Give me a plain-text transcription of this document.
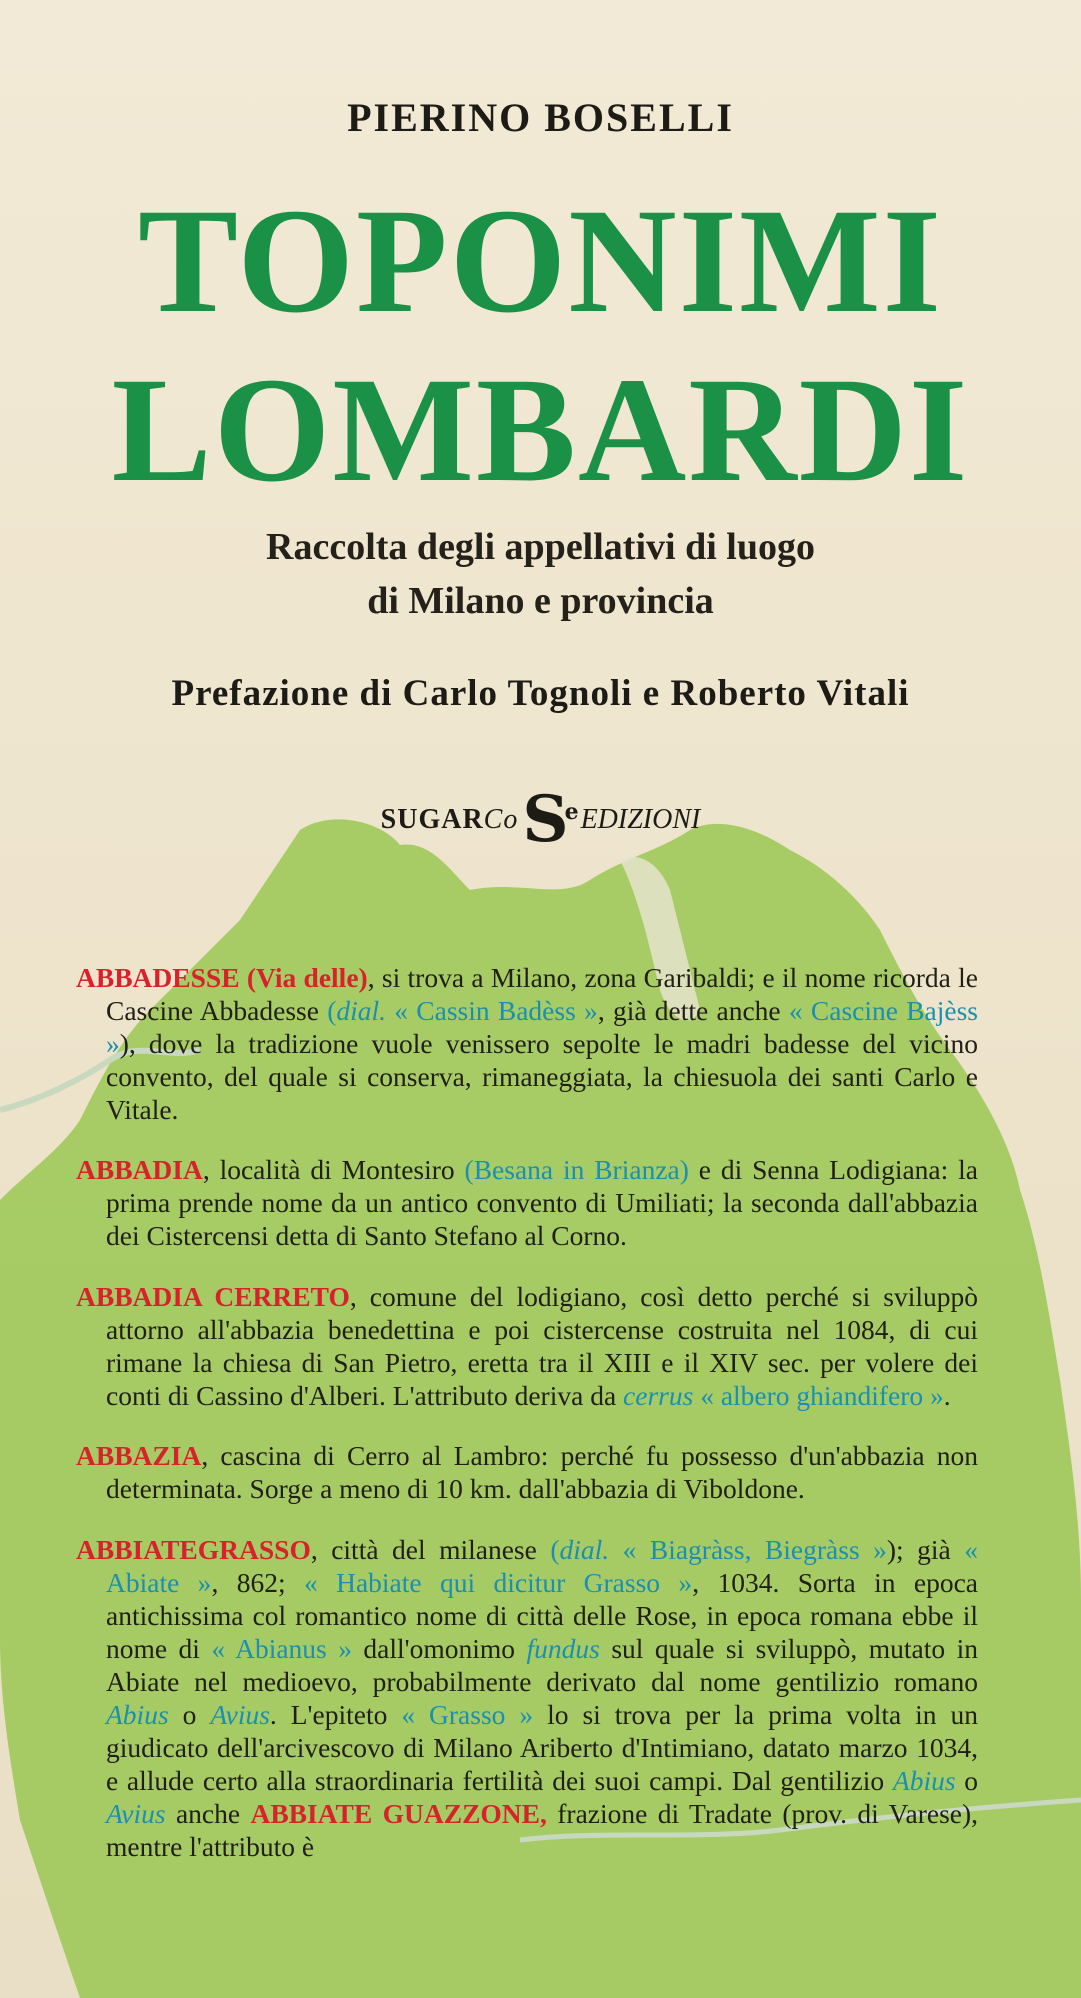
PIERINO BOSELLI
TOPONIMI
LOMBARDI
Raccolta degli appellativi di luogo
di Milano e provincia
Prefazione di Carlo Tognoli e Roberto Vitali
SUGARCo S
e EDIZIONI

ABBADESSE (Via delle), si trova a Milano, zona Garibaldi; e il nome ricorda le Cascine Abbadesse (dial. « Cassin Badèss », già dette anche « Cascine Bajèss »), dove la tradizione vuole venissero sepolte le madri badesse del vicino convento, del quale si conserva, rimaneggiata, la chiesuola dei santi Carlo e Vitale.

ABBADIA, località di Montesiro (Besana in Brianza) e di Senna Lodigiana: la prima prende nome da un antico convento di Umiliati; la seconda dall'abbazia dei Cistercensi detta di Santo Stefano al Corno.

ABBADIA CERRETO, comune del lodigiano, così detto perché si sviluppò attorno all'abbazia benedettina e poi cistercense costruita nel 1084, di cui rimane la chiesa di San Pietro, eretta tra il XIII e il XIV sec. per volere dei conti di Cassino d'Alberi. L'attributo deriva da cerrus « albero ghiandifero ».

ABBAZIA, cascina di Cerro al Lambro: perché fu possesso d'un'abbazia non determinata. Sorge a meno di 10 km. dall'abbazia di Viboldone.

ABBIATEGRASSO, città del milanese (dial. « Biagràss, Biegràss »); già « Abiate », 862; « Habiate qui dicitur Grasso », 1034. Sorta in epoca antichissima col romantico nome di città delle Rose, in epoca romana ebbe il nome di « Abianus » dall'omonimo fundus sul quale si sviluppò, mutato in Abiate nel medioevo, probabilmente derivato dal nome gentilizio romano Abius o Avius. L'epiteto « Grasso » lo si trova per la prima volta in un giudicato dell'arcivescovo di Milano Ariberto d'Intimiano, datato marzo 1034, e allude certo alla straordinaria fertilità dei suoi campi. Dal gentilizio Abius o Avius anche ABBIATE GUAZZONE, frazione di Tradate (prov. di Varese), mentre l'attributo è
